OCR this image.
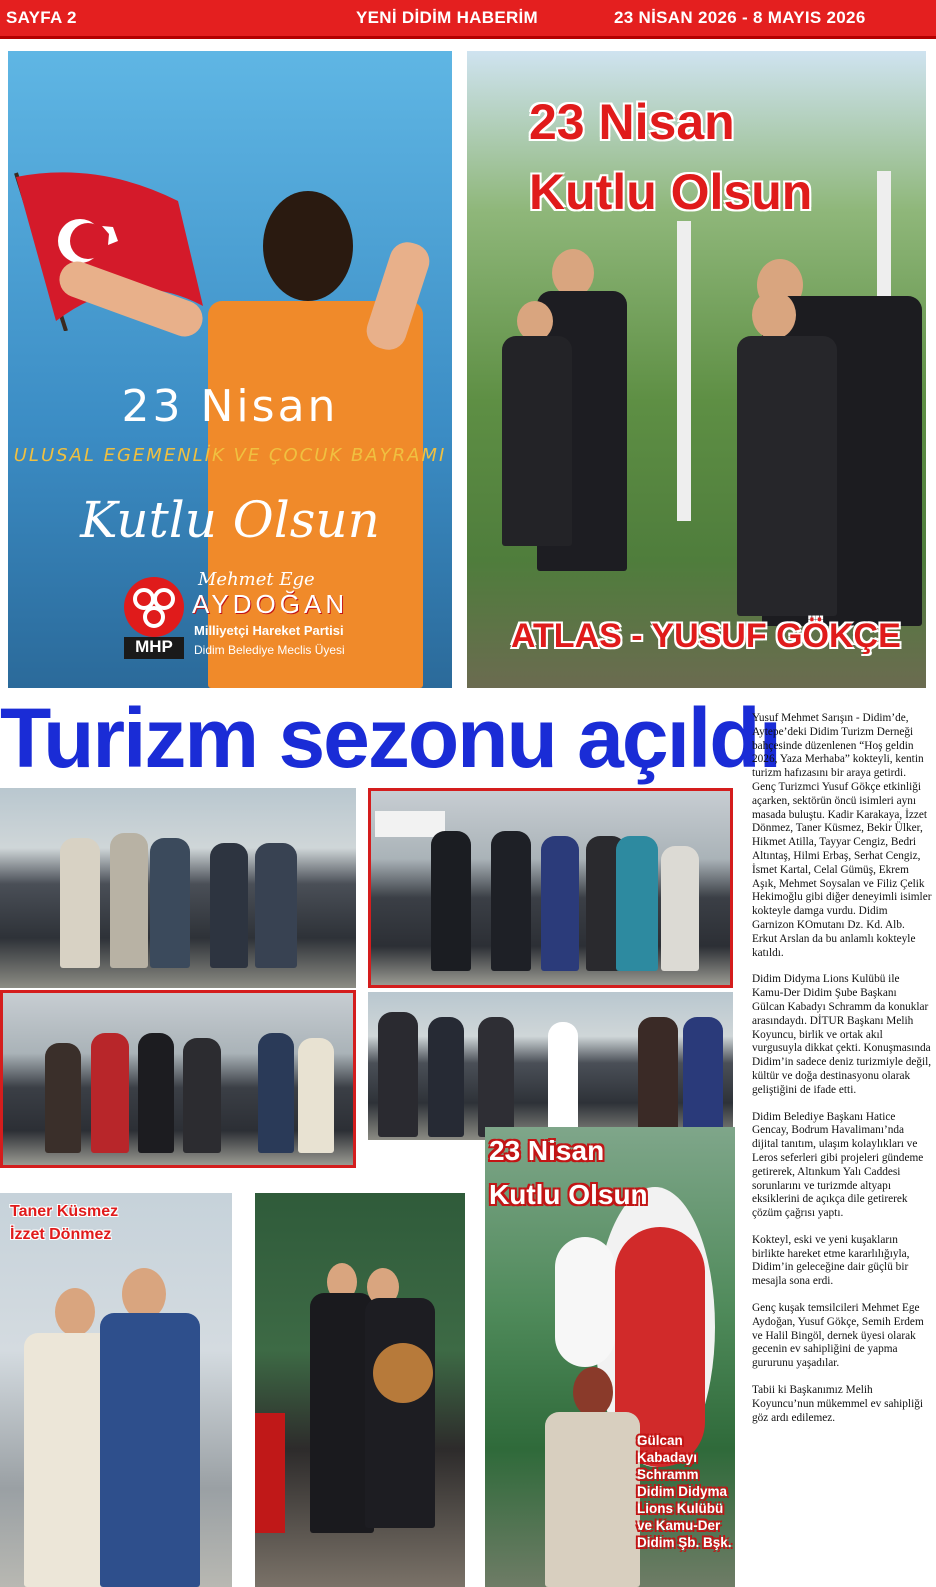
SAYFA 2	YENİ DİDİM HABERİM	23 NİSAN 2026 - 8 MAYIS 2026
23 Nisan
ULUSAL EGEMENLİK VE ÇOCUK BAYRAMI
Kutlu Olsun
MHP
Mehmet Ege
AYDOĞAN
Milliyetçi Hareket Partisi
Didim Belediye Meclis Üyesi
23 Nisan
Kutlu Olsun
ATLAS - YUSUF GÖKÇE
Turizm sezonu açıldı

Yusuf Mehmet Sarışın - Didim’de, Aytepe’deki Didim Turizm Derneği bahçesinde düzenlenen “Hoş geldin 2026, Yaza Merhaba” kokteyli, kentin turizm hafızasını bir araya getirdi. Genç Turizmci Yusuf Gökçe etkinliği açarken, sektörün öncü isimleri aynı masada buluştu. Kadir Karakaya, İzzet Dönmez, Taner Küsmez, Bekir Ülker, Hikmet Atilla, Tayyar Cengiz, Bedri Altıntaş, Hilmi Erbaş, Serhat Cengiz, İsmet Kartal, Celal Gümüş, Ekrem Aşık, Mehmet Soysalan ve Filiz Çelik Hekimoğlu gibi diğer deneyimli isimler kokteyle damga vurdu. Didim Garnizon KOmutanı Dz. Kd. Alb. Erkut Arslan da bu anlamlı kokteyle katıldı.

Didim Didyma Lions Kulübü ile Kamu-Der Didim Şube Başkanı Gülcan Kabadyı Schramm da konuklar arasındaydı. DİTUR Başkanı Melih Koyuncu, birlik ve ortak akıl vurgusuyla dikkat çekti. Konuşmasında Didim’in sadece deniz turizmiyle değil, kültür ve doğa destinasyonu olarak geliştiğini de ifade etti.

Didim Belediye Başkanı Hatice Gencay, Bodrum Havalimanı’nda dijital tanıtım, ulaşım kolaylıkları ve Leros seferleri gibi projeleri gündeme getirerek, Altınkum Yalı Caddesi sorunlarını ve turizmde altyapı eksiklerini de açıkça dile getirerek çözüm çağrısı yaptı.

Kokteyl, eski ve yeni kuşakların birlikte hareket etme kararlılığıyla, Didim’in geleceğine dair güçlü bir mesajla sona erdi.

Genç kuşak temsilcileri Mehmet Ege Aydoğan, Yusuf Gökçe, Semih Erdem ve Halil Bingöl, dernek üyesi olarak gecenin ev sahipliğini de yapma gururunu yaşadılar.

Tabii ki Başkanımız Melih Koyuncu’nun mükemmel ev sahipliği göz ardı edilemez.

Taner Küsmez
İzzet Dönmez
23 Nisan
Kutlu Olsun
Gülcan
Kabadayı
Schramm
Didim Didyma
Lions Kulübü
ve Kamu-Der
Didim Şb. Bşk.
